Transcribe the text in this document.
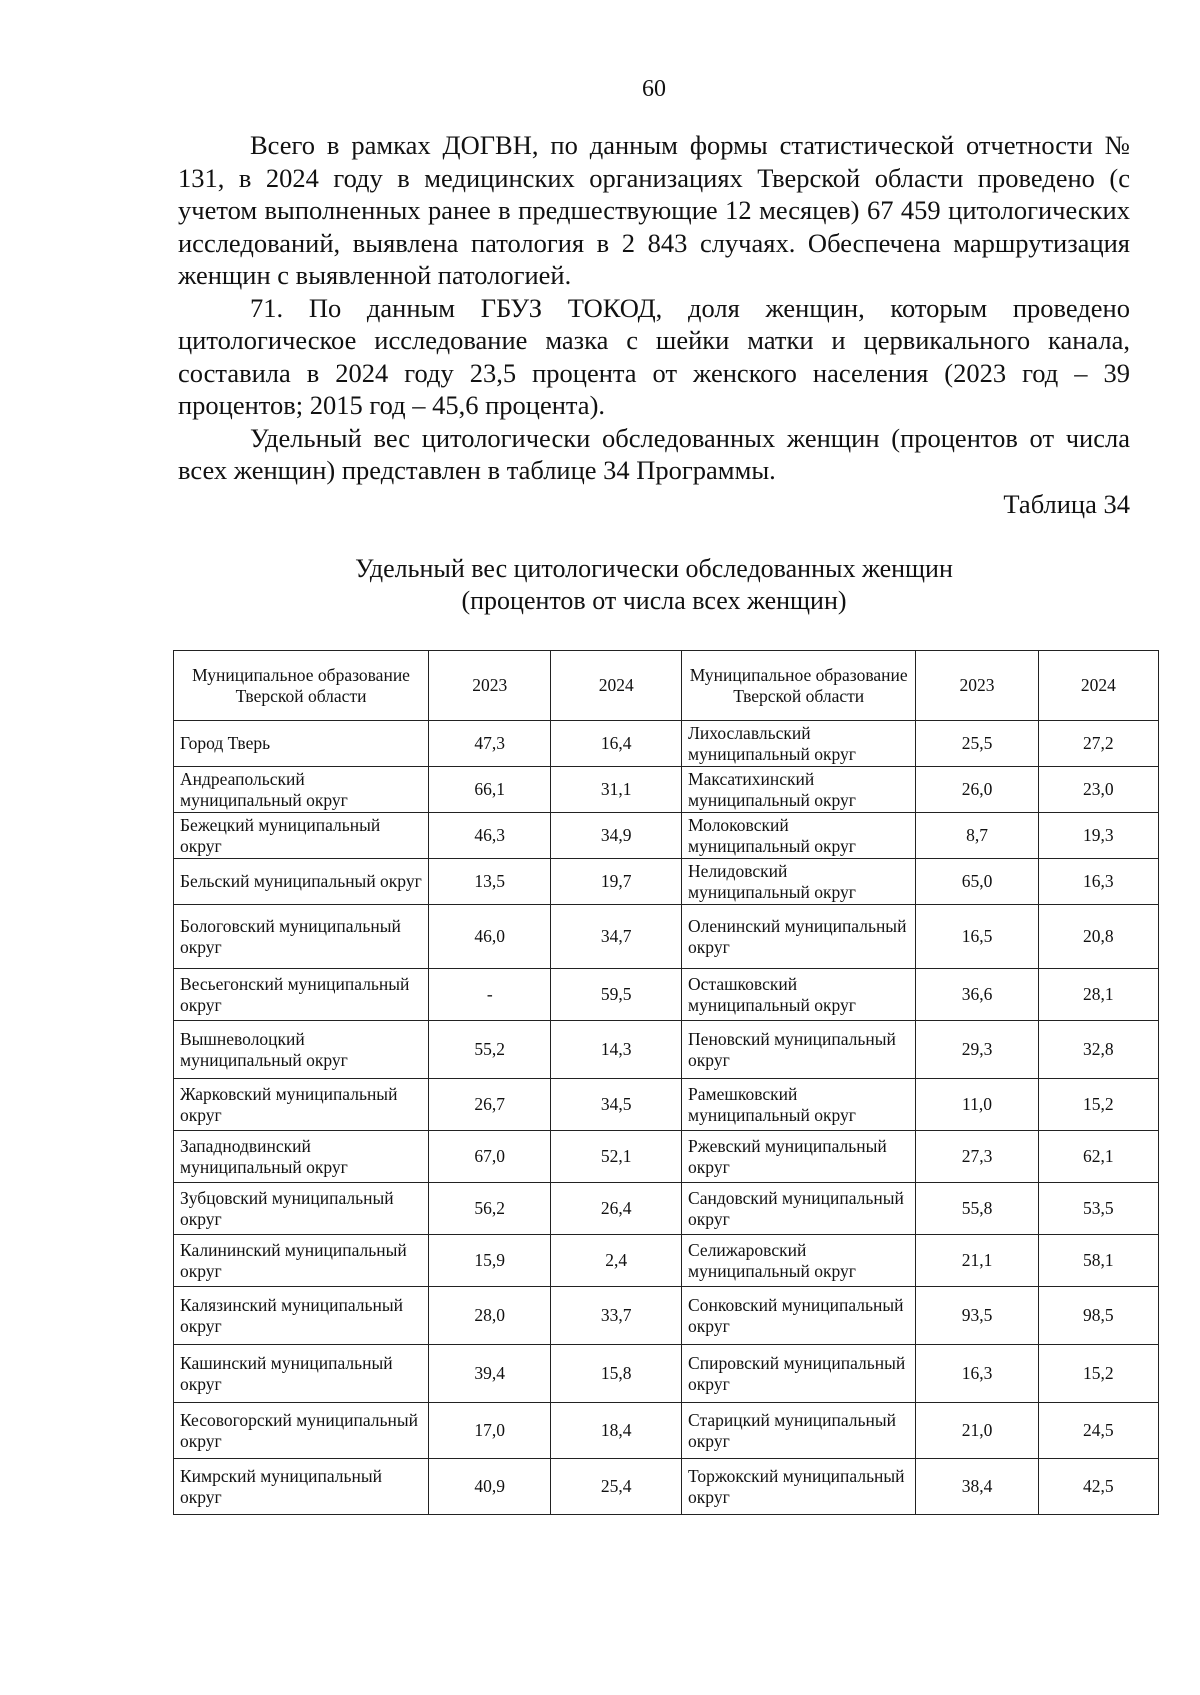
60

Всего в рамках ДОГВН, по данным формы статистической отчетности № 131, в 2024 году в медицинских организациях Тверской области проведено (с учетом выполненных ранее в предшествующие 12 месяцев) 67 459 цитологических исследований, выявлена патология в 2 843 случаях. Обеспечена маршрутизация женщин с выявленной патологией.

71. По данным ГБУЗ ТОКОД, доля женщин, которым проведено цитологическое исследование мазка с шейки матки и цервикального канала, составила в 2024 году 23,5 процента от женского населения (2023 год – 39 процентов; 2015 год – 45,6 процента).

Удельный вес цитологически обследованных женщин (процентов от числа всех женщин) представлен в таблице 34 Программы.

Таблица 34
Удельный вес цитологически обследованных женщин
(процентов от числа всех женщин)
Муниципальное образование Тверской области	2023	2024	Муниципальное образование Тверской области	2023	2024
Город Тверь	47,3	16,4	Лихославльский муниципальный округ	25,5	27,2
Андреапольский муниципальный округ	66,1	31,1	Максатихинский муниципальный округ	26,0	23,0
Бежецкий муниципальный округ	46,3	34,9	Молоковский муниципальный округ	8,7	19,3
Бельский муниципальный округ	13,5	19,7	Нелидовский муниципальный округ	65,0	16,3
Бологовский муниципальный округ	46,0	34,7	Оленинский муниципальный округ	16,5	20,8
Весьегонский муниципальный округ	-	59,5	Осташковский муниципальный округ	36,6	28,1
Вышневолоцкий муниципальный округ	55,2	14,3	Пеновский муниципальный округ	29,3	32,8
Жарковский муниципальный округ	26,7	34,5	Рамешковский муниципальный округ	11,0	15,2
Западнодвинский муниципальный округ	67,0	52,1	Ржевский муниципальный округ	27,3	62,1
Зубцовский муниципальный округ	56,2	26,4	Сандовский муниципальный округ	55,8	53,5
Калининский муниципальный округ	15,9	2,4	Селижаровский муниципальный округ	21,1	58,1
Калязинский муниципальный округ	28,0	33,7	Сонковский муниципальный округ	93,5	98,5
Кашинский муниципальный округ	39,4	15,8	Спировский муниципальный округ	16,3	15,2
Кесовогорский муниципальный округ	17,0	18,4	Старицкий муниципальный округ	21,0	24,5
Кимрский муниципальный округ	40,9	25,4	Торжокский муниципальный округ	38,4	42,5
